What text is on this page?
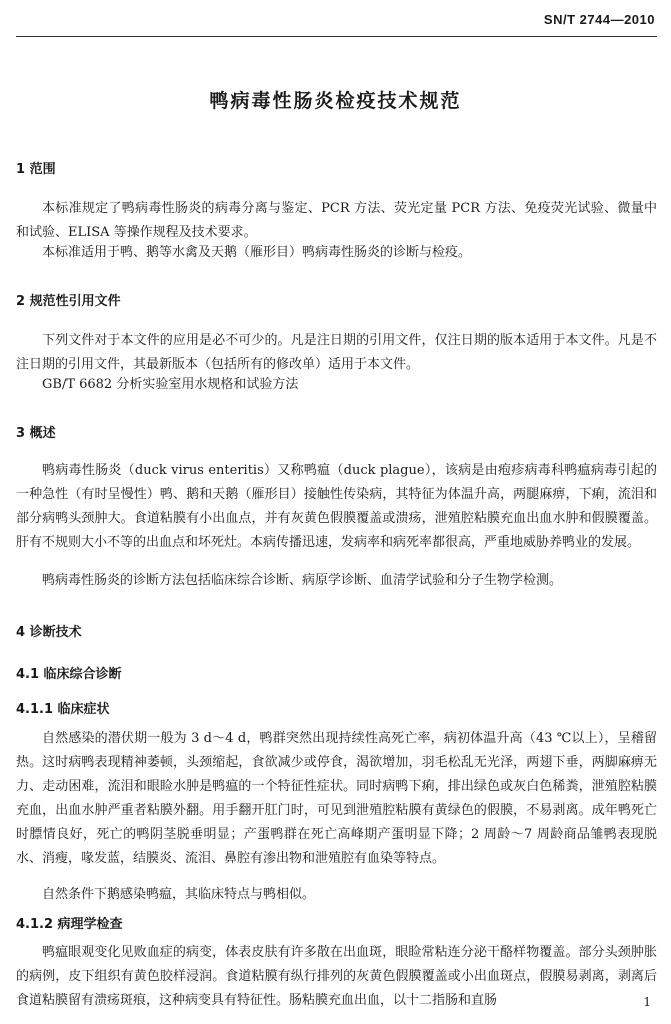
SN/T 2744—2010
鸭病毒性肠炎检疫技术规范
1 范围
本标准规定了鸭病毒性肠炎的病毒分离与鉴定、PCR 方法、荧光定量 PCR 方法、免疫荧光试验、微量中和试验、ELISA 等操作规程及技术要求。
本标准适用于鸭、鹅等水禽及天鹅（雁形目）鸭病毒性肠炎的诊断与检疫。
2 规范性引用文件
下列文件对于本文件的应用是必不可少的。凡是注日期的引用文件，仅注日期的版本适用于本文件。凡是不注日期的引用文件，其最新版本（包括所有的修改单）适用于本文件。
GB/T 6682 分析实验室用水规格和试验方法
3 概述
鸭病毒性肠炎（duck virus enteritis）又称鸭瘟（duck plague），该病是由疱疹病毒科鸭瘟病毒引起的一种急性（有时呈慢性）鸭、鹅和天鹅（雁形目）接触性传染病，其特征为体温升高，两腿麻痹，下痢，流泪和部分病鸭头颈肿大。食道粘膜有小出血点，并有灰黄色假膜覆盖或溃疡，泄殖腔粘膜充血出血水肿和假膜覆盖。肝有不规则大小不等的出血点和坏死灶。本病传播迅速，发病率和病死率都很高，严重地威胁养鸭业的发展。
鸭病毒性肠炎的诊断方法包括临床综合诊断、病原学诊断、血清学试验和分子生物学检测。
4 诊断技术
4.1 临床综合诊断
4.1.1 临床症状
自然感染的潜伏期一般为 3 d～4 d，鸭群突然出现持续性高死亡率，病初体温升高（43 ℃以上），呈稽留热。这时病鸭表现精神萎顿，头颈缩起，食欲减少或停食，渴欲增加，羽毛松乱无光泽，两翅下垂，两脚麻痹无力、走动困难，流泪和眼睑水肿是鸭瘟的一个特征性症状。同时病鸭下痢，排出绿色或灰白色稀粪，泄殖腔粘膜充血，出血水肿严重者粘膜外翻。用手翻开肛门时，可见到泄殖腔粘膜有黄绿色的假膜，不易剥离。成年鸭死亡时膘情良好，死亡的鸭阴茎脱垂明显；产蛋鸭群在死亡高峰期产蛋明显下降；2 周龄～7 周龄商品雏鸭表现脱水、消瘦，喙发蓝，结膜炎、流泪、鼻腔有渗出物和泄殖腔有血染等特点。
自然条件下鹅感染鸭瘟，其临床特点与鸭相似。
4.1.2 病理学检查
鸭瘟眼观变化见败血症的病变，体表皮肤有许多散在出血斑，眼睑常粘连分泌干酪样物覆盖。部分头颈肿胀的病例，皮下组织有黄色胶样浸润。食道粘膜有纵行排列的灰黄色假膜覆盖或小出血斑点，假膜易剥离，剥离后食道粘膜留有溃疡斑痕，这种病变具有特征性。肠粘膜充血出血，以十二指肠和直肠	1
